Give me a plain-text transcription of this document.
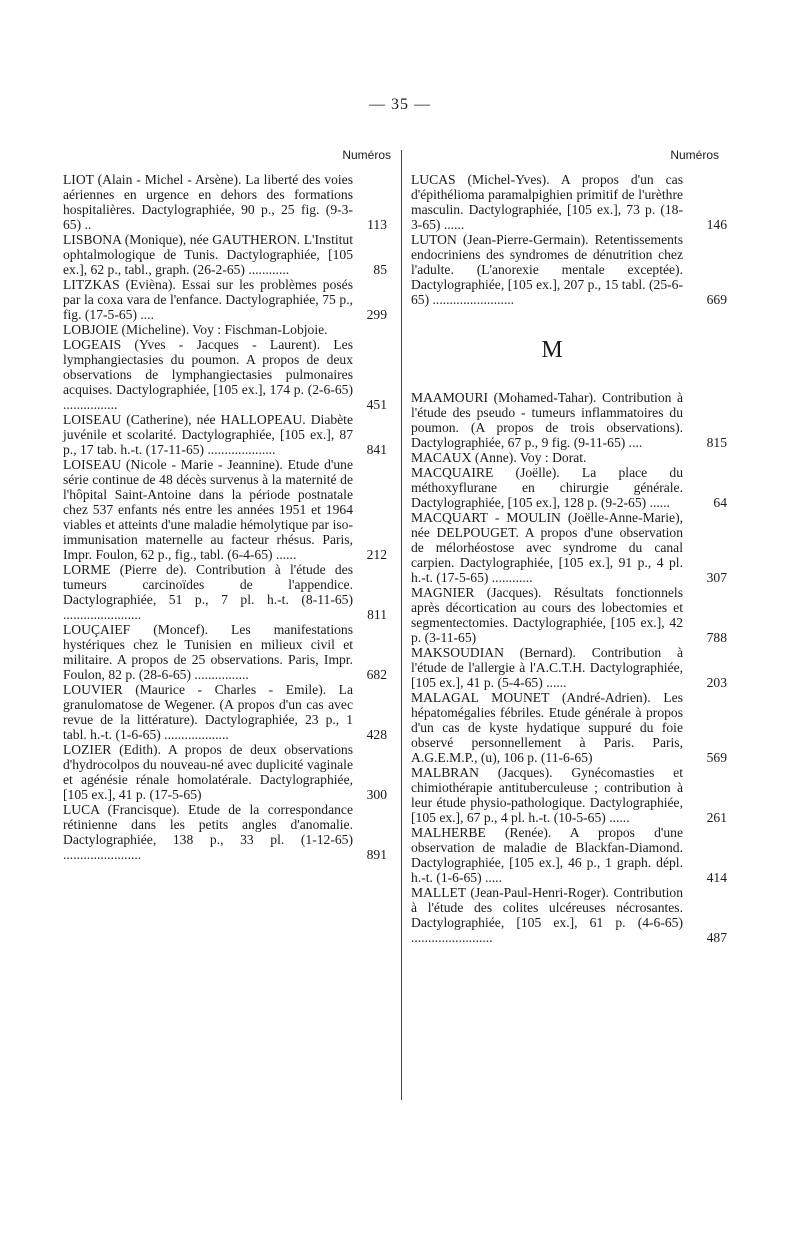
— 35 —
Numéros
LIOT (Alain - Michel - Arsène). La liberté des voies aériennes en urgence en dehors des formations hospitalières. Dactylographiée, 90 p., 25 fig. (9-3-65) ..	113
LISBONA (Monique), née GAUTHERON. L'Institut ophtalmologique de Tunis. Dactylographiée, [105 ex.], 62 p., tabl., graph. (26-2-65) ............	85
LITZKAS (Evièna). Essai sur les problèmes posés par la coxa vara de l'enfance. Dactylographiée, 75 p., fig. (17-5-65) ....	299
LOBJOIE (Micheline). Voy : Fischman-Lobjoie.
LOGEAIS (Yves - Jacques - Laurent). Les lymphangiectasies du poumon. A propos de deux observations de lymphangiectasies pulmonaires acquises. Dactylographiée, [105 ex.], 174 p. (2-6-65) ................	451
LOISEAU (Catherine), née HALLOPEAU. Diabète juvénile et scolarité. Dactylographiée, [105 ex.], 87 p., 17 tab. h.-t. (17-11-65) ....................	841
LOISEAU (Nicole - Marie - Jeannine). Etude d'une série continue de 48 décès survenus à la maternité de l'hôpital Saint-Antoine dans la période postnatale chez 537 enfants nés entre les années 1951 et 1964 viables et atteints d'une maladie hémolytique par iso-immunisation maternelle au facteur rhésus. Paris, Impr. Foulon, 62 p., fig., tabl. (6-4-65) ......	212
LORME (Pierre de). Contribution à l'étude des tumeurs carcinoïdes de l'appendice. Dactylographiée, 51 p., 7 pl. h.-t. (8-11-65) .......................	811
LOUÇAIEF (Moncef). Les manifestations hystériques chez le Tunisien en milieux civil et militaire. A propos de 25 observations. Paris, Impr. Foulon, 82 p. (28-6-65) ................	682
LOUVIER (Maurice - Charles - Emile). La granulomatose de Wegener. (A propos d'un cas avec revue de la littérature). Dactylographiée, 23 p., 1 tabl. h.-t. (1-6-65) ...................	428
LOZIER (Edith). A propos de deux observations d'hydrocolpos du nouveau-né avec duplicité vaginale et agénésie rénale homolatérale. Dactylographiée, [105 ex.], 41 p. (17-5-65)	300
LUCA (Francisque). Etude de la correspondance rétinienne dans les petits angles d'anomalie. Dactylographiée, 138 p., 33 pl. (1-12-65) .......................	891
Numéros
LUCAS (Michel-Yves). A propos d'un cas d'épithélioma paramalpighien primitif de l'urèthre masculin. Dactylographiée, [105 ex.], 73 p. (18-3-65) ......	146
LUTON (Jean-Pierre-Germain). Retentissements endocriniens des syndromes de dénutrition chez l'adulte. (L'anorexie mentale exceptée). Dactylographiée, [105 ex.], 207 p., 15 tabl. (25-6-65) ........................	669
M
MAAMOURI (Mohamed-Tahar). Contribution à l'étude des pseudo - tumeurs inflammatoires du poumon. (A propos de trois observations). Dactylographiée, 67 p., 9 fig. (9-11-65) ....	815
MACAUX (Anne). Voy : Dorat.
MACQUAIRE (Joëlle). La place du méthoxyflurane en chirurgie générale. Dactylographiée, [105 ex.], 128 p. (9-2-65) ......	64
MACQUART - MOULIN (Joëlle-Anne-Marie), née DELPOUGET. A propos d'une observation de mélorhéostose avec syndrome du canal carpien. Dactylographiée, [105 ex.], 91 p., 4 pl. h.-t. (17-5-65) ............	307
MAGNIER (Jacques). Résultats fonctionnels après décortication au cours des lobectomies et segmentectomies. Dactylographiée, [105 ex.], 42 p. (3-11-65)	788
MAKSOUDIAN (Bernard). Contribution à l'étude de l'allergie à l'A.C.T.H. Dactylographiée, [105 ex.], 41 p. (5-4-65) ......	203
MALAGAL MOUNET (André-Adrien). Les hépatomégalies fébriles. Etude générale à propos d'un cas de kyste hydatique suppuré du foie observé personnellement à Paris. Paris, A.G.E.M.P., (u), 106 p. (11-6-65)	569
MALBRAN (Jacques). Gynécomasties et chimiothérapie antituberculeuse ; contribution à leur étude physio-pathologique. Dactylographiée, [105 ex.], 67 p., 4 pl. h.-t. (10-5-65) ......	261
MALHERBE (Renée). A propos d'une observation de maladie de Blackfan-Diamond. Dactylographiée, [105 ex.], 46 p., 1 graph. dépl. h.-t. (1-6-65) .....	414
MALLET (Jean-Paul-Henri-Roger). Contribution à l'étude des colites ulcéreuses nécrosantes. Dactylographiée, [105 ex.], 61 p. (4-6-65) ........................	487
